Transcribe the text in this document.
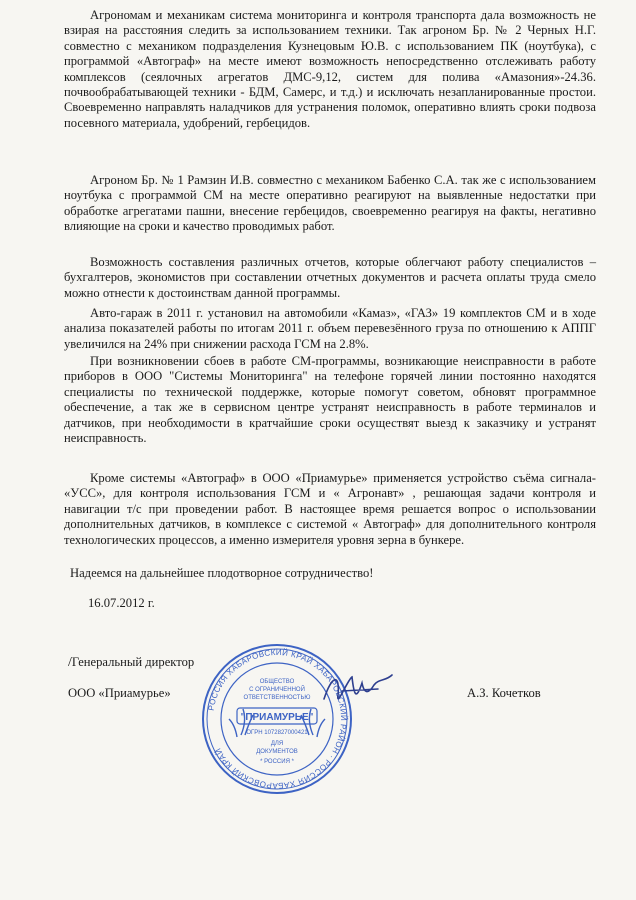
Агрономам и механикам система мониторинга и контроля транспорта дала возможность не взирая на расстояния следить за использованием техники. Так агроном Бр. № 2 Черных Н.Г. совместно с механиком подразделения Кузнецовым Ю.В. с использованием ПК (ноутбука), с программой «Автограф» на месте имеют возможность непосредственно отслеживать работу комплексов (сеялочных агрегатов ДМС-9,12, систем для полива «Амазония»-24.36. почвообрабатывающей техники - БДМ, Самерс, и т.д.) и исключать незапланированные простои. Своевременно направлять наладчиков для устранения поломок, оперативно влиять сроки подвоза посевного материала, удобрений, гербецидов.

Агроном Бр. № 1 Рамзин И.В. совместно с механиком Бабенко С.А. так же с использованием ноутбука с программой СМ на месте оперативно реагируют на выявленные недостатки при обработке агрегатами пашни, внесение гербецидов, своевременно реагируя на факты, негативно влияющие на сроки и качество проводимых работ.

Возможность составления различных отчетов, которые облегчают работу специалистов – бухгалтеров, экономистов при составлении отчетных документов и расчета оплаты труда смело можно отнести к достоинствам данной программы.

Авто-гараж в 2011 г. установил на автомобили «Камаз», «ГАЗ» 19 комплектов СМ и в ходе анализа показателей работы по итогам 2011 г. объем перевезённого груза по отношению к АППГ увеличился на 24% при снижении расхода ГСМ на 2.8%.

При возникновении сбоев в работе СМ-программы, возникающие неисправности в работе приборов в ООО "Системы Мониторинга" на телефоне горячей линии постоянно находятся специалисты по технической поддержке, которые помогут советом, обновят программное обеспечение, а так же в сервисном центре устранят неисправность в работе терминалов и датчиков, при необходимости в кратчайшие сроки осуществят выезд к заказчику и устранят неисправность.

Кроме системы «Автограф» в ООО «Приамурье» применяется устройство съёма сигнала- «УСС», для контроля использования ГСМ и « Агронавт» , решающая задачи контроля и навигации т/с при проведении работ. В настоящее время решается вопрос о использовании дополнительных датчиков, в комплексе с системой « Автограф» для дополнительного контроля технологических процессов, а именно измерителя уровня зерна в бункере.

Надеемся на дальнейшее плодотворное сотрудничество!
16.07.2012 г.
/Генеральный директор
ООО «Приамурье»	А.З. Кочетков
РОССИЯ ХАБАРОВСКИЙ КРАЙ ХАБАРОВСКИЙ РАЙОН · РОССИЯ ХАБАРОВСКИЙ КРАЙ
ОБЩЕСТВО
С ОГРАНИЧЕННОЙ
ОТВЕТСТВЕННОСТЬЮ
"ПРИАМУРЬЕ"
ОГРН 1072827000421
ДЛЯ
ДОКУМЕНТОВ
* РОССИЯ *
